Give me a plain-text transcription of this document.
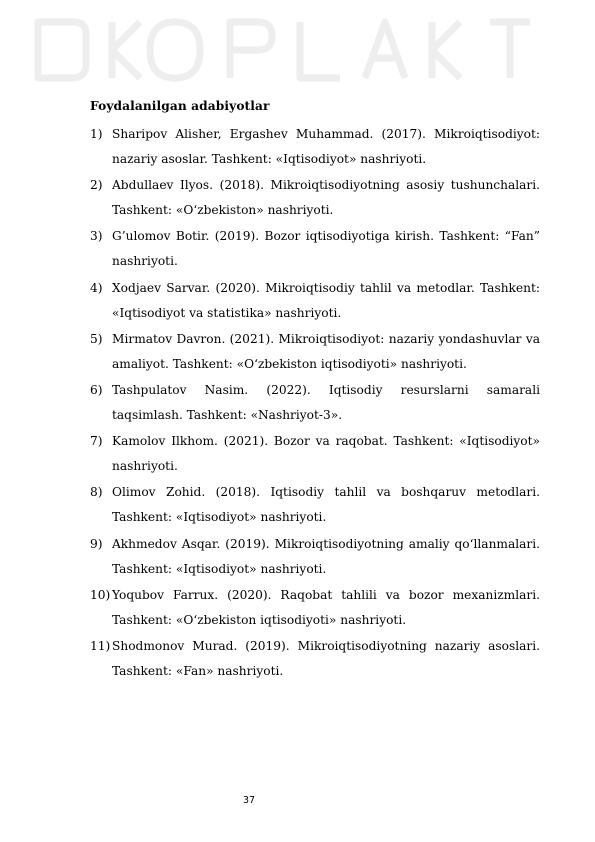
Foydalanilgan adabiyotlar
1) Sharipov Alisher, Ergashev Muhammad. (2017). Mikroiqtisodiyot: nazariy asoslar. Tashkent: «Iqtisodiyot» nashriyoti.
2) Abdullaev Ilyos. (2018). Mikroiqtisodiyotning asosiy tushunchalari. Tashkent: «O‘zbekiston» nashriyoti.
3) G’ulomov Botir. (2019). Bozor iqtisodiyotiga kirish. Tashkent: “Fan” nashriyoti.
4) Xodjaev Sarvar. (2020). Mikroiqtisodiy tahlil va metodlar. Tashkent: «Iqtisodiyot va statistika» nashriyoti.
5) Mirmatov Davron. (2021). Mikroiqtisodiyot: nazariy yondashuvlar va amaliyot. Tashkent: «O‘zbekiston iqtisodiyoti» nashriyoti.
6) Tashpulatov Nasim. (2022). Iqtisodiy resurslarni samarali taqsimlash. Tashkent: «Nashriyot-3».
7) Kamolov Ilkhom. (2021). Bozor va raqobat. Tashkent: «Iqtisodiyot» nashriyoti.
8) Olimov Zohid. (2018). Iqtisodiy tahlil va boshqaruv metodlari. Tashkent: «Iqtisodiyot» nashriyoti.
9) Akhmedov Asqar. (2019). Mikroiqtisodiyotning amaliy qo‘llanmalari. Tashkent: «Iqtisodiyot» nashriyoti.
10) Yoqubov Farrux. (2020). Raqobat tahlili va bozor mexanizmlari. Tashkent: «O‘zbekiston iqtisodiyoti» nashriyoti.
11) Shodmonov Murad. (2019). Mikroiqtisodiyotning nazariy asoslari. Tashkent: «Fan» nashriyoti.
37
